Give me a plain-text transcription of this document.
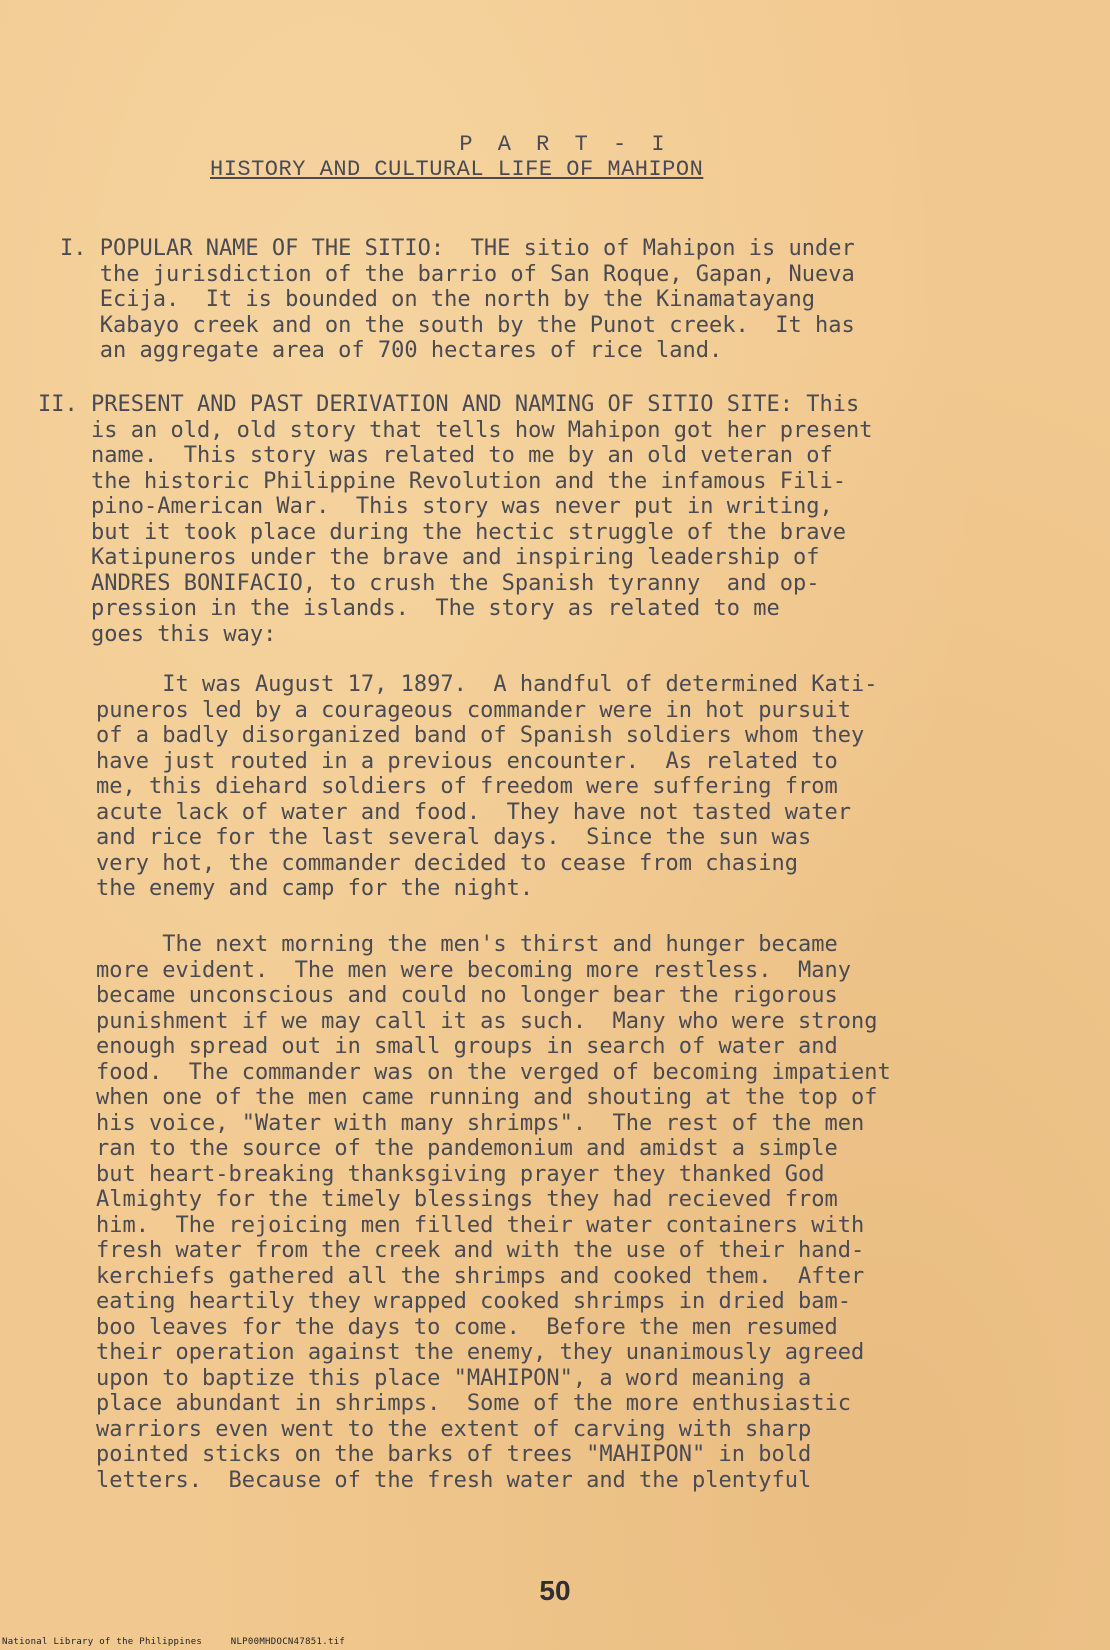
P A R T - I
HISTORY AND CULTURAL LIFE OF MAHIPON
I. POPULAR NAME OF THE SITIO:  THE sitio of Mahipon is under
the jurisdiction of the barrio of San Roque, Gapan, Nueva
Ecija.  It is bounded on the north by the Kinamatayang
Kabayo creek and on the south by the Punot creek.  It has
an aggregate area of 700 hectares of rice land.
II. PRESENT AND PAST DERIVATION AND NAMING OF SITIO SITE: This
is an old, old story that tells how Mahipon got her present
name.  This story was related to me by an old veteran of
the historic Philippine Revolution and the infamous Fili-
pino-American War.  This story was never put in writing,
but it took place during the hectic struggle of the brave
Katipuneros under the brave and inspiring leadership of
ANDRES BONIFACIO, to crush the Spanish tyranny  and op-
pression in the islands.  The story as related to me
goes this way:
It was August 17, 1897.  A handful of determined Kati-
puneros led by a courageous commander were in hot pursuit
of a badly disorganized band of Spanish soldiers whom they
have just routed in a previous encounter.  As related to
me, this diehard soldiers of freedom were suffering from
acute lack of water and food.  They have not tasted water
and rice for the last several days.  Since the sun was
very hot, the commander decided to cease from chasing
the enemy and camp for the night.
The next morning the men's thirst and hunger became
more evident.  The men were becoming more restless.  Many
became unconscious and could no longer bear the rigorous
punishment if we may call it as such.  Many who were strong
enough spread out in small groups in search of water and
food.  The commander was on the verged of becoming impatient
when one of the men came running and shouting at the top of
his voice, "Water with many shrimps".  The rest of the men
ran to the source of the pandemonium and amidst a simple
but heart-breaking thanksgiving prayer they thanked God
Almighty for the timely blessings they had recieved from
him.  The rejoicing men filled their water containers with
fresh water from the creek and with the use of their hand-
kerchiefs gathered all the shrimps and cooked them.  After
eating heartily they wrapped cooked shrimps in dried bam-
boo leaves for the days to come.  Before the men resumed
their operation against the enemy, they unanimously agreed
upon to baptize this place "MAHIPON", a word meaning a
place abundant in shrimps.  Some of the more enthusiastic
warriors even went to the extent of carving with sharp
pointed sticks on the barks of trees "MAHIPON" in bold
letters.  Because of the fresh water and the plentyful
50
National Library of the Philippines     NLP00MHDOCN47851.tif
